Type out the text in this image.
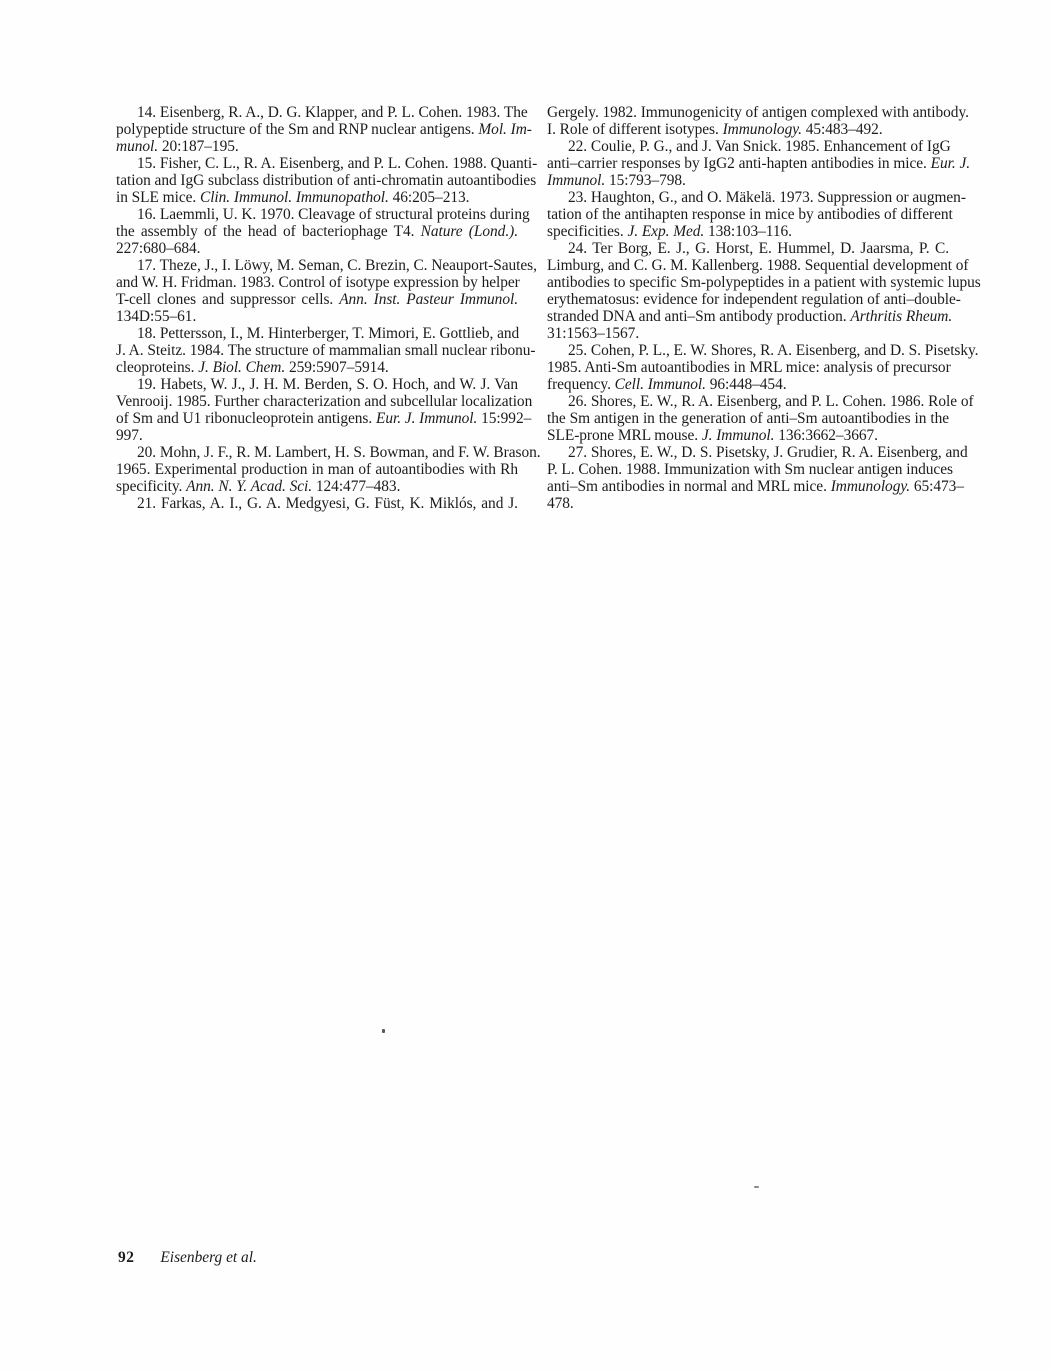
14. Eisenberg, R. A., D. G. Klapper, and P. L. Cohen. 1983. The
polypeptide structure of the Sm and RNP nuclear antigens. Mol. Im-
munol. 20:187–195.
15. Fisher, C. L., R. A. Eisenberg, and P. L. Cohen. 1988. Quanti-
tation and IgG subclass distribution of anti-chromatin autoantibodies
in SLE mice. Clin. Immunol. Immunopathol. 46:205–213.
16. Laemmli, U. K. 1970. Cleavage of structural proteins during
the assembly of the head of bacteriophage T4. Nature (Lond.).
227:680–684.
17. Theze, J., I. Löwy, M. Seman, C. Brezin, C. Neauport-Sautes,
and W. H. Fridman. 1983. Control of isotype expression by helper
T-cell clones and suppressor cells. Ann. Inst. Pasteur Immunol.
134D:55–61.
18. Pettersson, I., M. Hinterberger, T. Mimori, E. Gottlieb, and
J. A. Steitz. 1984. The structure of mammalian small nuclear ribonu-
cleoproteins. J. Biol. Chem. 259:5907–5914.
19. Habets, W. J., J. H. M. Berden, S. O. Hoch, and W. J. Van
Venrooij. 1985. Further characterization and subcellular localization
of Sm and U1 ribonucleoprotein antigens. Eur. J. Immunol. 15:992–
997.
20. Mohn, J. F., R. M. Lambert, H. S. Bowman, and F. W. Brason.
1965. Experimental production in man of autoantibodies with Rh
specificity. Ann. N. Y. Acad. Sci. 124:477–483.
21. Farkas, A. I., G. A. Medgyesi, G. Füst, K. Miklós, and J.
Gergely. 1982. Immunogenicity of antigen complexed with antibody.
I. Role of different isotypes. Immunology. 45:483–492.
22. Coulie, P. G., and J. Van Snick. 1985. Enhancement of IgG
anti–carrier responses by IgG2 anti-hapten antibodies in mice. Eur. J.
Immunol. 15:793–798.
23. Haughton, G., and O. Mäkelä. 1973. Suppression or augmen-
tation of the antihapten response in mice by antibodies of different
specificities. J. Exp. Med. 138:103–116.
24. Ter Borg, E. J., G. Horst, E. Hummel, D. Jaarsma, P. C.
Limburg, and C. G. M. Kallenberg. 1988. Sequential development of
antibodies to specific Sm-polypeptides in a patient with systemic lupus
erythematosus: evidence for independent regulation of anti–double-
stranded DNA and anti–Sm antibody production. Arthritis Rheum.
31:1563–1567.
25. Cohen, P. L., E. W. Shores, R. A. Eisenberg, and D. S. Pisetsky.
1985. Anti-Sm autoantibodies in MRL mice: analysis of precursor
frequency. Cell. Immunol. 96:448–454.
26. Shores, E. W., R. A. Eisenberg, and P. L. Cohen. 1986. Role of
the Sm antigen in the generation of anti–Sm autoantibodies in the
SLE-prone MRL mouse. J. Immunol. 136:3662–3667.
27. Shores, E. W., D. S. Pisetsky, J. Grudier, R. A. Eisenberg, and
P. L. Cohen. 1988. Immunization with Sm nuclear antigen induces
anti–Sm antibodies in normal and MRL mice. Immunology. 65:473–
478.
92 Eisenberg et al.
